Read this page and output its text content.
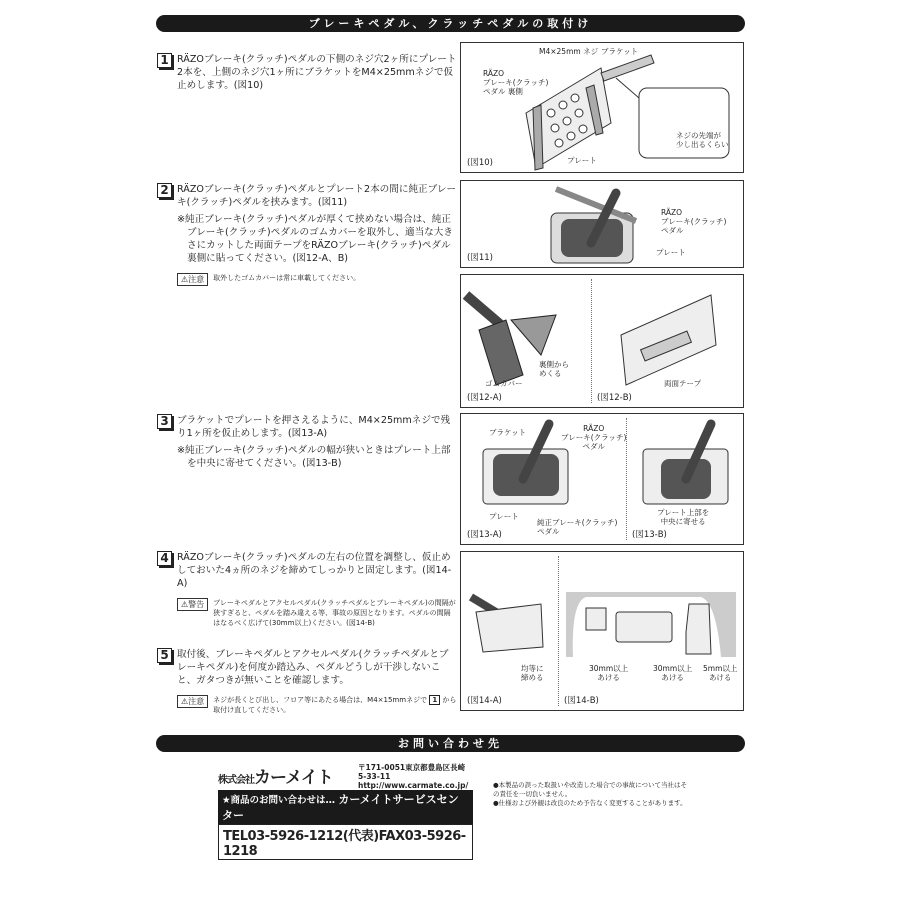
ブレーキペダル、クラッチペダルの取付け
1 RÄZOブレーキ(クラッチ)ペダルの下側のネジ穴2ヶ所にプレート2本を、上側のネジ穴1ヶ所にブラケットをM4×25mmネジで仮止めします。(図10)
2 RÄZOブレーキ(クラッチ)ペダルとプレート2本の間に純正ブレーキ(クラッチ)ペダルを挟みます。(図11)
※純正ブレーキ(クラッチ)ペダルが厚くて挟めない場合は、純正ブレーキ(クラッチ)ペダルのゴムカバーを取外し、適当な大きさにカットした両面テープをRÄZOブレーキ(クラッチ)ペダル裏側に貼ってください。(図12-A、B)
⚠注意	取外したゴムカバーは常に車載してください。
3 ブラケットでプレートを押さえるように、M4×25mmネジで残り1ヶ所を仮止めします。(図13-A)
※純正ブレーキ(クラッチ)ペダルの幅が狭いときはプレート上部を中央に寄せてください。(図13-B)
4 RÄZOブレーキ(クラッチ)ペダルの左右の位置を調整し、仮止めしておいた4ヵ所のネジを締めてしっかりと固定します。(図14-A)
⚠警告	ブレーキペダルとアクセルペダル(クラッチペダルとブレーキペダル)の間隔が狭すぎると、ペダルを踏み違える等、事故の原因となります。ペダルの間隔はなるべく広げて(30mm以上)ください。(図14-B)
5 取付後、ブレーキペダルとアクセルペダル(クラッチペダルとブレーキペダル)を何度か踏込み、ペダルどうしが干渉しないこと、ガタつきが無いことを確認します。
⚠注意	ネジが長くとび出し、フロア等にあたる場合は、M4×15mmネジで 1 から取付け直してください。
M4×25mm ネジ ブラケット
RÄZO
ブレーキ(クラッチ)
ペダル 裏側
プレート
ネジの先端が
少し出るくらい
(図10)
RÄZO
ブレーキ(クラッチ)
ペダル
プレート
(図11)
裏側から
めくる
ゴムカバー	両面テープ
(図12-A)	(図12-B)
ブラケット	RÄZO
ブレーキ(クラッチ)
ペダル
プレート
純正ブレーキ(クラッチ)
ペダル
プレート上部を
中央に寄せる
(図13-A)	(図13-B)
均等に
締める
30mm以上
あける
30mm以上
あける
5mm以上
あける
(図14-A)	(図14-B)
お問い合わせ先
株式会社カーメイト
〒171-0051東京都豊島区長崎5-33-11
http://www.carmate.co.jp/
★商品のお問い合わせは… カーメイトサービスセンター
TEL03-5926-1212(代表)FAX03-5926-1218
●本製品の誤った取扱いや改造した場合での事故について当社はその責任を一切負いません。
●仕様および外観は改良のため予告なく変更することがあります。
